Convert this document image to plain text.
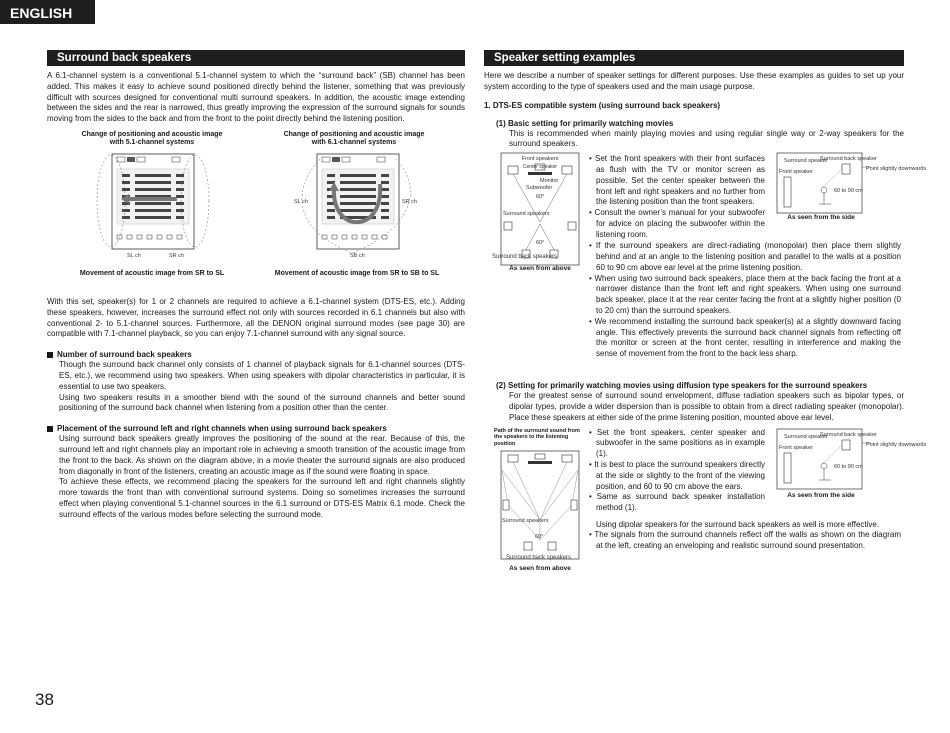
ENGLISH
Surround back speakers

A 6.1-channel system is a conventional 5.1-channel system to which the “surround back” (SB) channel has been added. This makes it easy to achieve sound positioned directly behind the listener, something that was previously difficult with sources designed for conventional multi surround speakers. In addition, the acoustic image extending between the sides and the rear is narrowed, thus greatly improving the expression of the surround signals for sounds moving from the sides to the back and from the front to the point directly behind the listening position.

Change of positioning and acoustic image
with 5.1-channel systems
SL ch	SR ch
Movement of acoustic image from SR to SL
Change of positioning and acoustic image
with 6.1-channel systems
SL ch	SR ch
SB ch
Movement of acoustic image from SR to SB to SL

With this set, speaker(s) for 1 or 2 channels are required to achieve a 6.1-channel system (DTS-ES, etc.). Adding these speakers, however, increases the surround effect not only with sources recorded in 6.1 channels but also with conventional 2- to 5.1-channel sources. Furthermore, all the DENON original surround modes (see page 30) are compatible with 7.1-channel playback, so you can enjoy 7.1-channel surround with any signal source.

Number of surround back speakers

Though the surround back channel only consists of 1 channel of playback signals for 6.1-channel sources (DTS-ES, etc.), we recommend using two speakers. When using speakers with dipolar characteristics in particular, it is essential to use two speakers.

Using two speakers results in a smoother blend with the sound of the surround channels and better sound positioning of the surround back channel when listening from a position other than the center.

Placement of the surround left and right channels when using surround back speakers

Using surround back speakers greatly improves the positioning of the sound at the rear. Because of this, the surround left and right channels play an important role in achieving a smooth transition of the acoustic image from the front to the back. As shown on the diagram above, in a movie theater the surround signals are also produced from diagonally in front of the listeners, creating an acoustic image as if the sound were floating in space.

To achieve these effects, we recommend placing the speakers for the surround left and right channels slightly more towards the front than with conventional surround systems. Doing so sometimes increases the surround effect when playing conventional 5.1-channel sources in the 6.1 surround or DTS-ES Matrix 6.1 mode. Check the surround effects of the various modes before selecting the surround mode.

Speaker setting examples

Here we describe a number of speaker settings for different purposes. Use these examples as guides to set up your system according to the type of speakers used and the main usage purpose.

1. DTS-ES compatible system (using surround back speakers)
(1) Basic setting for primarily watching movies

This is recommended when mainly playing movies and using regular single way or 2-way speakers for the surround speakers.

Front speakers
Center speaker
Monitor
Subwoofer
60°
Surround speakers
60°
Surround back speakers
As seen from above
• Set the front speakers with their front surfaces as flush with the TV or monitor screen as possible. Set the center speaker between the front left and right speakers and no further from the listening position than the front speakers.
• Consult the owner’s manual for your subwoofer for advice on placing the subwoofer within the listening room.
Surround speaker
Surround back speaker
Front speaker	Point slightly downwards
60 to 90 cm
As seen from the side
• If the surround speakers are direct-radiating (monopolar) then place them slightly behind and at an angle to the listening position and parallel to the walls at a position 60 to 90 cm above ear level at the prime listening position.
• When using two surround back speakers, place them at the back facing the front at a narrower distance than the front left and right speakers. When using one surround back speaker, place it at the rear center facing the front at a slightly higher position (0 to 20 cm) than the surround speakers.
• We recommend installing the surround back speaker(s) at a slightly downward facing angle. This effectively prevents the surround back channel signals from reflecting off the monitor or screen at the front center, resulting in interference and making the sense of movement from the front to the back less sharp.
(2) Setting for primarily watching movies using diffusion type speakers for the surround speakers

For the greatest sense of surround sound envelopment, diffuse radiation speakers such as bipolar types, or dipolar types, provide a wider dispersion than is possible to obtain from a direct radiating speaker (monopolar). Place these speakers at either side of the prime listening position, mounted above ear level.

Path of the surround sound from the speakers to the listening position
Surround speakers
60°
Surround back speakers
As seen from above
• Set the front speakers, center speaker and subwoofer in the same positions as in example (1).
• It is best to place the surround speakers directly at the side or slightly to the front of the viewing position, and 60 to 90 cm above the ears.
• Same as surround back speaker installation method (1).
Surround speaker
Surround back speaker
Front speaker	Point slightly downwards
60 to 90 cm
As seen from the side
Using dipolar speakers for the surround back speakers as well is more effective.
• The signals from the surround channels reflect off the walls as shown on the diagram at the left, creating an enveloping and realistic surround sound presentation.
38
